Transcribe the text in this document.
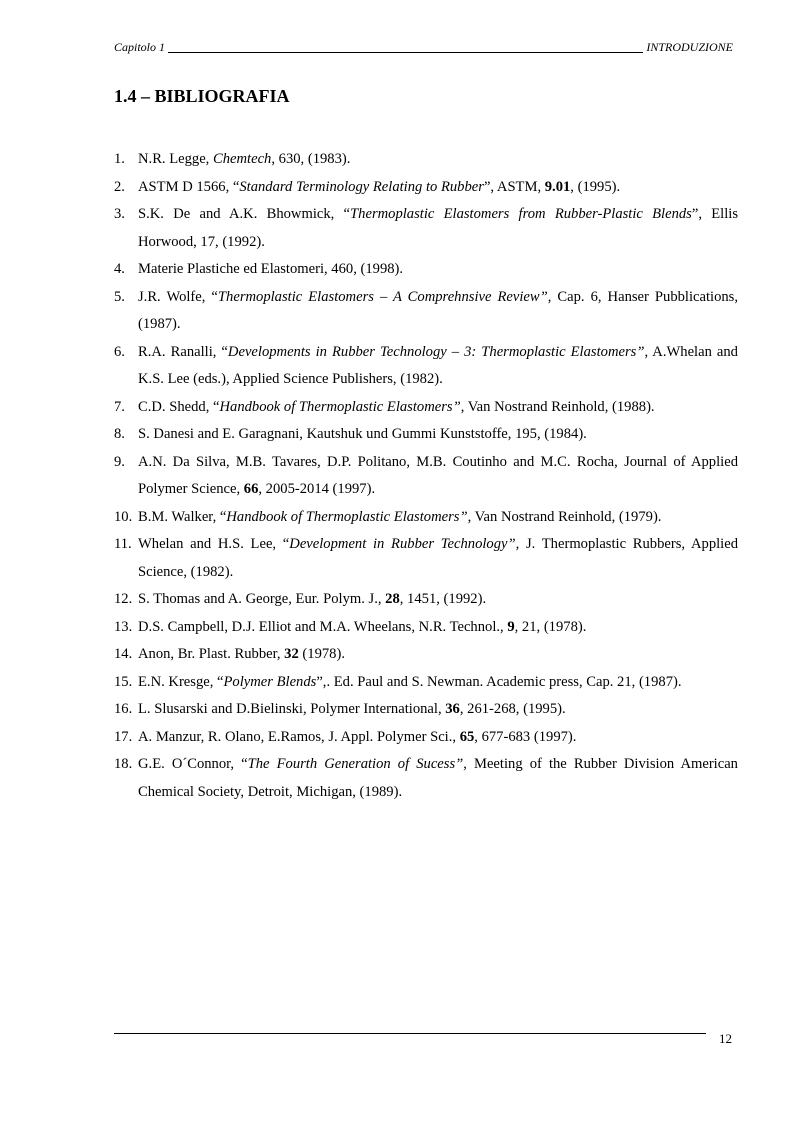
Capitolo 1	INTRODUZIONE
1.4 – BIBLIOGRAFIA
1. N.R. Legge, Chemtech, 630, (1983).
2. ASTM D 1566, “Standard Terminology Relating to Rubber”, ASTM, 9.01, (1995).
3. S.K. De and A.K. Bhowmick, “Thermoplastic Elastomers from Rubber-Plastic Blends”, Ellis Horwood, 17, (1992).
4. Materie Plastiche ed Elastomeri, 460, (1998).
5. J.R. Wolfe, “Thermoplastic Elastomers – A Comprehnsive Review”, Cap. 6, Hanser Pubblications, (1987).
6. R.A. Ranalli, “Developments in Rubber Technology – 3: Thermoplastic Elastomers”, A.Whelan and K.S. Lee (eds.), Applied Science Publishers, (1982).
7. C.D. Shedd, “Handbook of Thermoplastic Elastomers”, Van Nostrand Reinhold, (1988).
8. S. Danesi and E. Garagnani, Kautshuk und Gummi Kunststoffe, 195, (1984).
9. A.N. Da Silva, M.B. Tavares, D.P. Politano, M.B. Coutinho and M.C. Rocha, Journal of Applied Polymer Science, 66, 2005-2014 (1997).
10. B.M. Walker, “Handbook of Thermoplastic Elastomers”, Van Nostrand Reinhold, (1979).
11. Whelan and H.S. Lee, “Development in Rubber Technology”, J. Thermoplastic Rubbers, Applied Science, (1982).
12. S. Thomas and A. George, Eur. Polym. J., 28, 1451, (1992).
13. D.S. Campbell, D.J. Elliot and M.A. Wheelans, N.R. Technol., 9, 21, (1978).
14. Anon, Br. Plast. Rubber, 32 (1978).
15. E.N. Kresge, “Polymer Blends”,. Ed. Paul and S. Newman. Academic press, Cap. 21, (1987).
16. L. Slusarski and D.Bielinski, Polymer International, 36, 261-268, (1995).
17. A. Manzur, R. Olano, E.Ramos, J. Appl. Polymer Sci., 65, 677-683 (1997).
18. G.E. O´Connor, “The Fourth Generation of Sucess”, Meeting of the Rubber Division American Chemical Society, Detroit, Michigan, (1989).
12
